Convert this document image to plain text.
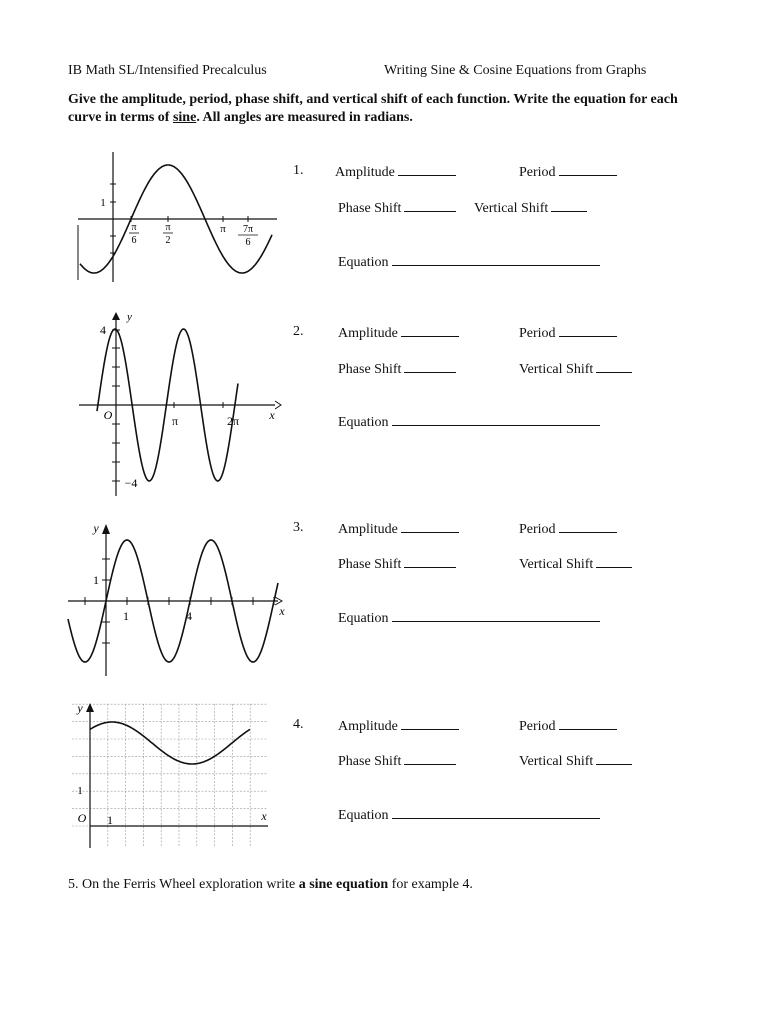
IB Math SL/Intensified Precalculus	Writing Sine & Cosine Equations from Graphs
Give the amplitude, period, phase shift, and vertical shift of each function. Write the equation for each curve in terms of sine. All angles are measured in radians.
1
π
6
π
2
π 7π
6
y
4
−4
O	π	2π	x
y
1
1	4	x
y
1
O 1	x
1. Amplitude	Period
Phase Shift	Vertical Shift
Equation
2. Amplitude	Period
Phase Shift	Vertical Shift
Equation
3. Amplitude	Period
Phase Shift	Vertical Shift
Equation
4. Amplitude	Period
Phase Shift	Vertical Shift
Equation
5. On the Ferris Wheel exploration write a sine equation for example 4.
